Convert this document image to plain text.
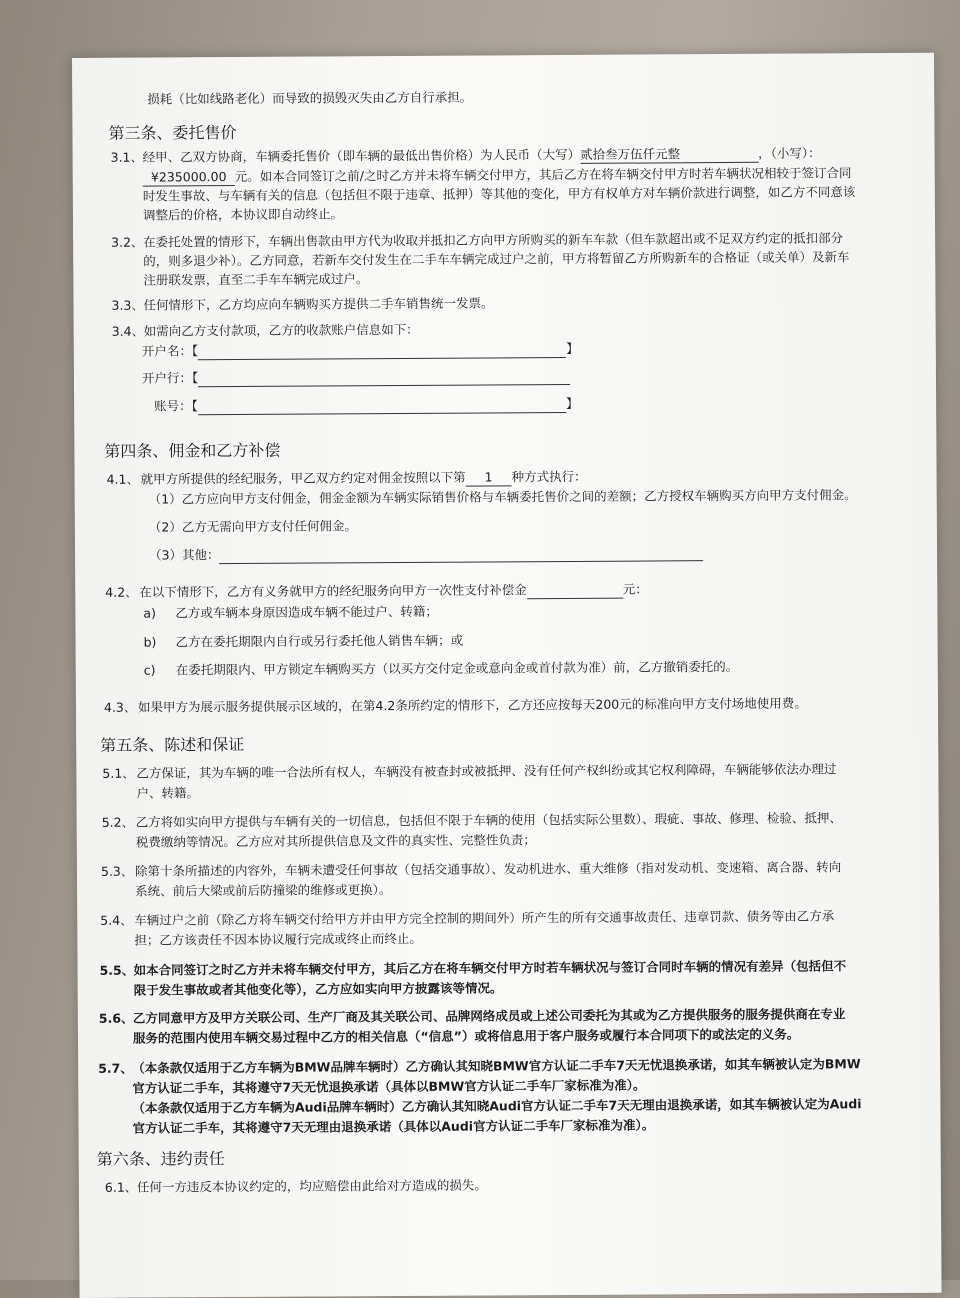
损耗（比如线路老化）而导致的损毁灭失由乙方自行承担。
第三条、委托售价
3.1、 经甲、乙双方协商，车辆委托售价（即车辆的最低出售价格）为人民币（大写）贰拾叁万伍仟元整	，（小写）：
¥235000.00 元。如本合同签订之前/之时乙方并未将车辆交付甲方，其后乙方在将车辆交付甲方时若车辆状况相较于签订合同
时发生事故、与车辆有关的信息（包括但不限于违章、抵押）等其他的变化，甲方有权单方对车辆价款进行调整，如乙方不同意该
调整后的价格，本协议即自动终止。
3.2、 在委托处置的情形下，车辆出售款由甲方代为收取并抵扣乙方向甲方所购买的新车车款（但车款超出或不足双方约定的抵扣部分
的，则多退少补）。乙方同意，若新车交付发生在二手车车辆完成过户之前，甲方将暂留乙方所购新车的合格证（或关单）及新车
注册联发票，直至二手车车辆完成过户。
3.3、 任何情形下，乙方均应向车辆购买方提供二手车销售统一发票。
3.4、 如需向乙方支付款项，乙方的收款账户信息如下：
开户名：【	】
开户行：【
账号：【	】
第四条、佣金和乙方补偿
4.1、 就甲方所提供的经纪服务，甲乙双方约定对佣金按照以下第 1 种方式执行：
（1）乙方应向甲方支付佣金，佣金金额为车辆实际销售价格与车辆委托售价之间的差额；乙方授权车辆购买方向甲方支付佣金。
（2）乙方无需向甲方支付任何佣金。
（3）其他：
4.2、 在以下情形下，乙方有义务就甲方的经纪服务向甲方一次性支付补偿金	元：
a) 乙方或车辆本身原因造成车辆不能过户、转籍；
b) 乙方在委托期限内自行或另行委托他人销售车辆；或
c) 在委托期限内、甲方锁定车辆购买方（以买方交付定金或意向金或首付款为准）前，乙方撤销委托的。
4.3、 如果甲方为展示服务提供展示区域的，在第4.2条所约定的情形下，乙方还应按每天200元的标准向甲方支付场地使用费。
第五条、陈述和保证
5.1、 乙方保证，其为车辆的唯一合法所有权人，车辆没有被查封或被抵押、没有任何产权纠纷或其它权利障碍，车辆能够依法办理过
户、转籍。
5.2、 乙方将如实向甲方提供与车辆有关的一切信息，包括但不限于车辆的使用（包括实际公里数）、瑕疵、事故、修理、检验、抵押、
税费缴纳等情况。乙方应对其所提供信息及文件的真实性、完整性负责；
5.3、 除第十条所描述的内容外，车辆未遭受任何事故（包括交通事故）、发动机进水、重大维修（指对发动机、变速箱、离合器、转向
系统、前后大梁或前后防撞梁的维修或更换）。
5.4、 车辆过户之前（除乙方将车辆交付给甲方并由甲方完全控制的期间外）所产生的所有交通事故责任、违章罚款、债务等由乙方承
担；乙方该责任不因本协议履行完成或终止而终止。
5.5、 如本合同签订之时乙方并未将车辆交付甲方，其后乙方在将车辆交付甲方时若车辆状况与签订合同时车辆的情况有差异（包括但不
限于发生事故或者其他变化等），乙方应如实向甲方披露该等情况。
5.6、 乙方同意甲方及甲方关联公司、生产厂商及其关联公司、品牌网络成员或上述公司委托为其或为乙方提供服务的服务提供商在专业
服务的范围内使用车辆交易过程中乙方的相关信息（“信息”）或将信息用于客户服务或履行本合同项下的或法定的义务。
5.7、 （本条款仅适用于乙方车辆为BMW品牌车辆时）乙方确认其知晓BMW官方认证二手车7天无忧退换承诺，如其车辆被认定为BMW
官方认证二手车，其将遵守7天无忧退换承诺（具体以BMW官方认证二手车厂家标准为准）。
（本条款仅适用于乙方车辆为Audi品牌车辆时）乙方确认其知晓Audi官方认证二手车7天无理由退换承诺，如其车辆被认定为Audi
官方认证二手车，其将遵守7天无理由退换承诺（具体以Audi官方认证二手车厂家标准为准）。
第六条、违约责任
6.1、 任何一方违反本协议约定的，均应赔偿由此给对方造成的损失。
